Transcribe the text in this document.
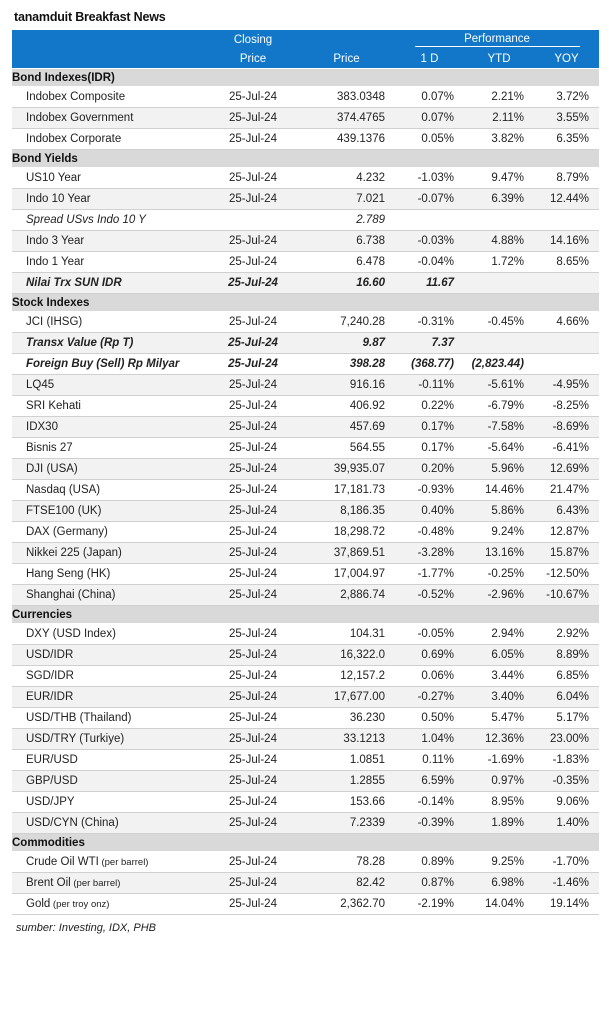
tanamduit Breakfast News
	Closing		Performance		
	Price	Price	1 D	YTD	YOY
Bond Indexes(IDR)					
Indobex Composite	25-Jul-24	383.0348	0.07%	2.21%	3.72%
Indobex Government	25-Jul-24	374.4765	0.07%	2.11%	3.55%
Indobex Corporate	25-Jul-24	439.1376	0.05%	3.82%	6.35%
Bond Yields					
US10 Year	25-Jul-24	4.232	-1.03%	9.47%	8.79%
Indo 10 Year	25-Jul-24	7.021	-0.07%	6.39%	12.44%
Spread USvs Indo 10 Y		2.789			
Indo 3 Year	25-Jul-24	6.738	-0.03%	4.88%	14.16%
Indo 1 Year	25-Jul-24	6.478	-0.04%	1.72%	8.65%
Nilai Trx SUN IDR	25-Jul-24	16.60	11.67		
Stock Indexes					
JCI (IHSG)	25-Jul-24	7,240.28	-0.31%	-0.45%	4.66%
Transx Value (Rp T)	25-Jul-24	9.87	7.37		
Foreign Buy (Sell) Rp Milyar	25-Jul-24	398.28	(368.77)	(2,823.44)	
LQ45	25-Jul-24	916.16	-0.11%	-5.61%	-4.95%
SRI Kehati	25-Jul-24	406.92	0.22%	-6.79%	-8.25%
IDX30	25-Jul-24	457.69	0.17%	-7.58%	-8.69%
Bisnis 27	25-Jul-24	564.55	0.17%	-5.64%	-6.41%
DJI (USA)	25-Jul-24	39,935.07	0.20%	5.96%	12.69%
Nasdaq (USA)	25-Jul-24	17,181.73	-0.93%	14.46%	21.47%
FTSE100 (UK)	25-Jul-24	8,186.35	0.40%	5.86%	6.43%
DAX (Germany)	25-Jul-24	18,298.72	-0.48%	9.24%	12.87%
Nikkei 225 (Japan)	25-Jul-24	37,869.51	-3.28%	13.16%	15.87%
Hang Seng (HK)	25-Jul-24	17,004.97	-1.77%	-0.25%	-12.50%
Shanghai (China)	25-Jul-24	2,886.74	-0.52%	-2.96%	-10.67%
Currencies					
DXY (USD Index)	25-Jul-24	104.31	-0.05%	2.94%	2.92%
USD/IDR	25-Jul-24	16,322.0	0.69%	6.05%	8.89%
SGD/IDR	25-Jul-24	12,157.2	0.06%	3.44%	6.85%
EUR/IDR	25-Jul-24	17,677.00	-0.27%	3.40%	6.04%
USD/THB (Thailand)	25-Jul-24	36.230	0.50%	5.47%	5.17%
USD/TRY (Turkiye)	25-Jul-24	33.1213	1.04%	12.36%	23.00%
EUR/USD	25-Jul-24	1.0851	0.11%	-1.69%	-1.83%
GBP/USD	25-Jul-24	1.2855	6.59%	0.97%	-0.35%
USD/JPY	25-Jul-24	153.66	-0.14%	8.95%	9.06%
USD/CYN (China)	25-Jul-24	7.2339	-0.39%	1.89%	1.40%
Commodities					
Crude Oil WTI (per barrel)	25-Jul-24	78.28	0.89%	9.25%	-1.70%
Brent Oil (per barrel)	25-Jul-24	82.42	0.87%	6.98%	-1.46%
Gold (per troy onz)	25-Jul-24	2,362.70	-2.19%	14.04%	19.14%
sumber: Investing, IDX, PHB
